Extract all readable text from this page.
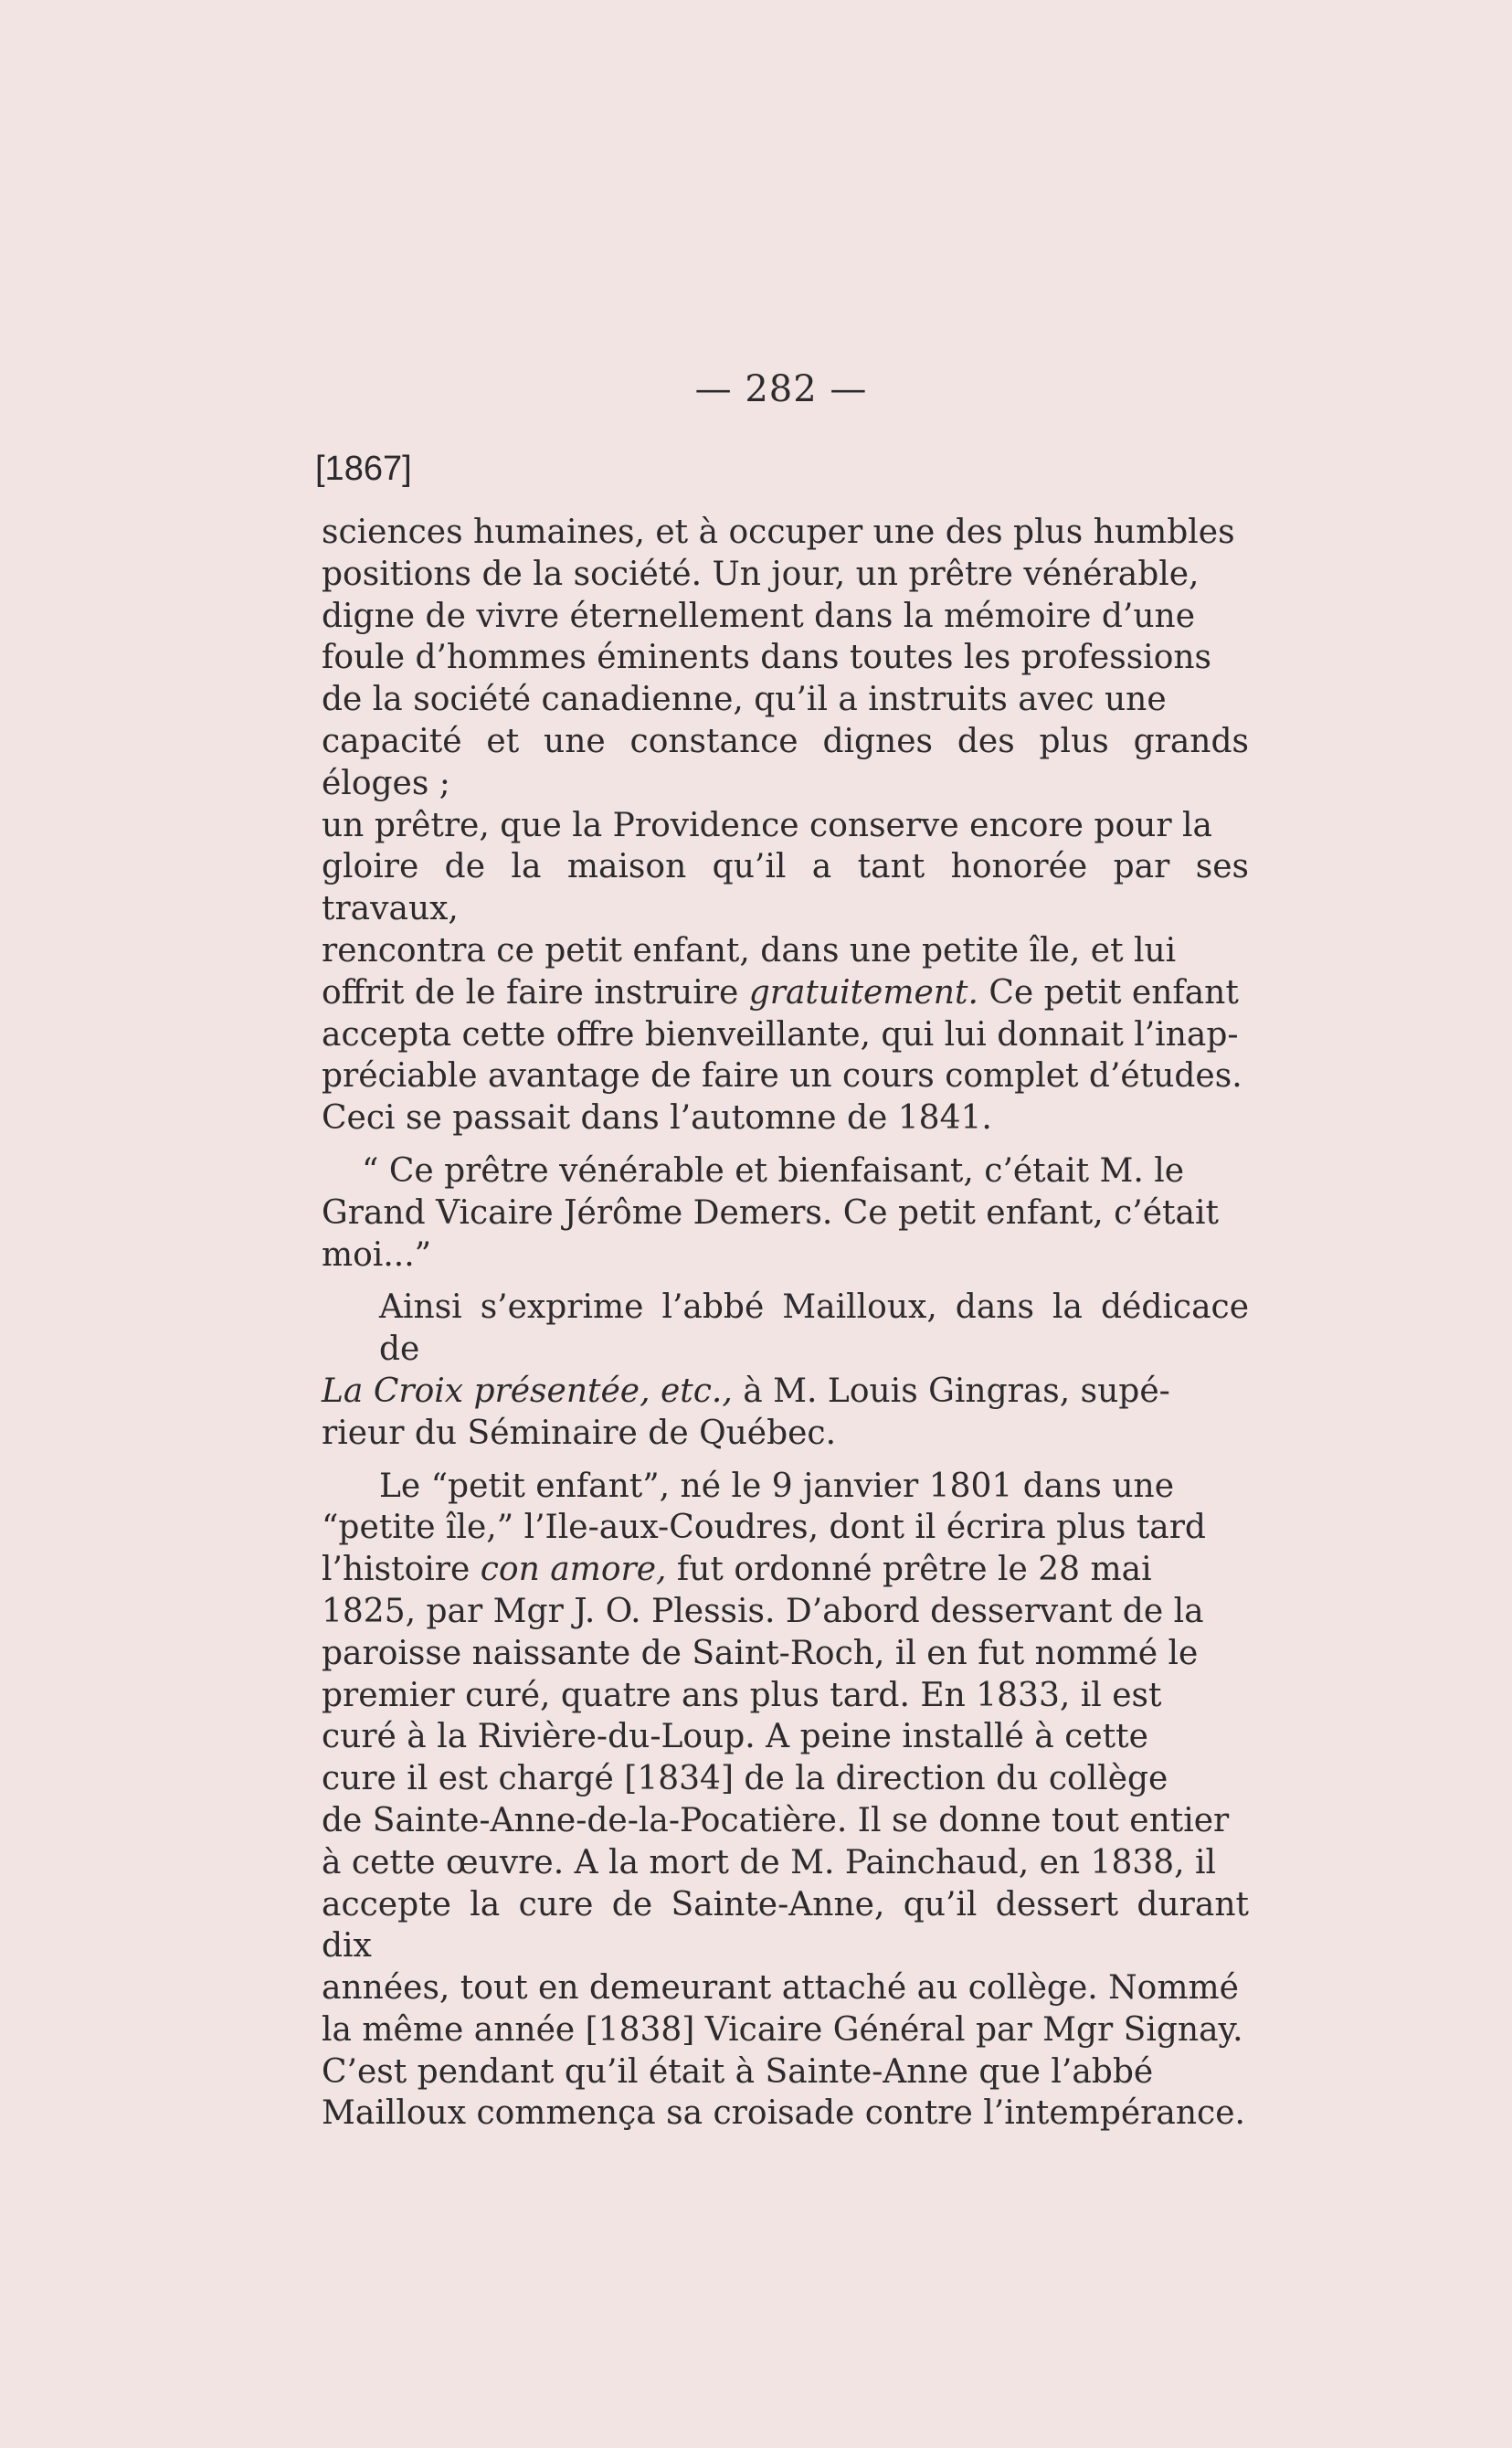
— 282 —
[1867]

sciences humaines, et à occuper une des plus humbles
positions de la société. Un jour, un prêtre vénérable,
digne de vivre éternellement dans la mémoire d’une
foule d’hommes éminents dans toutes les professions
de la société canadienne, qu’il a instruits avec une
capacité et une constance dignes des plus grands éloges ;
un prêtre, que la Providence conserve encore pour la
gloire de la maison qu’il a tant honorée par ses travaux,
rencontra ce petit enfant, dans une petite île, et lui
offrit de le faire instruire gratuitement. Ce petit enfant
accepta cette offre bienveillante, qui lui donnait l’inap-
préciable avantage de faire un cours complet d’études.
Ceci se passait dans l’automne de 1841.

“ Ce prêtre vénérable et bienfaisant, c’était M. le
Grand Vicaire Jérôme Demers. Ce petit enfant, c’était
moi...”

Ainsi s’exprime l’abbé Mailloux, dans la dédicace de
La Croix présentée, etc., à M. Louis Gingras, supé-
rieur du Séminaire de Québec.

Le “petit enfant”, né le 9 janvier 1801 dans une
“petite île,” l’Ile-aux-Coudres, dont il écrira plus tard
l’histoire con amore, fut ordonné prêtre le 28 mai
1825, par Mgr J. O. Plessis. D’abord desservant de la
paroisse naissante de Saint-Roch, il en fut nommé le
premier curé, quatre ans plus tard. En 1833, il est
curé à la Rivière-du-Loup. A peine installé à cette
cure il est chargé [1834] de la direction du collège
de Sainte-Anne-de-la-Pocatière. Il se donne tout entier
à cette œuvre. A la mort de M. Painchaud, en 1838, il
accepte la cure de Sainte-Anne, qu’il dessert durant dix
années, tout en demeurant attaché au collège. Nommé
la même année [1838] Vicaire Général par Mgr Signay.
C’est pendant qu’il était à Sainte-Anne que l’abbé
Mailloux commença sa croisade contre l’intempérance.
